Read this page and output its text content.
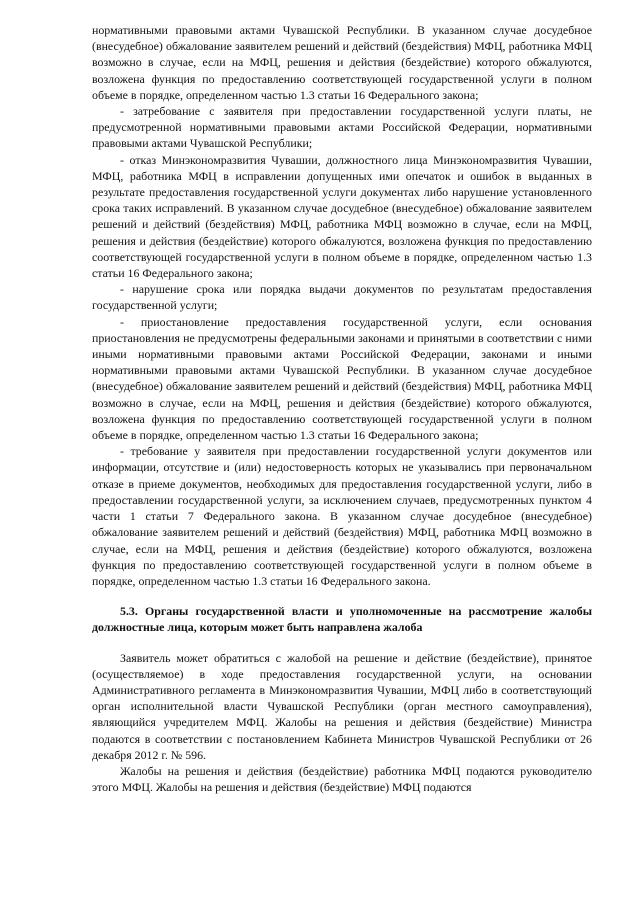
нормативными правовыми актами Чувашской Республики. В указанном случае досудебное (внесудебное) обжалование заявителем решений и действий (бездействия) МФЦ, работника МФЦ возможно в случае, если на МФЦ, решения и действия (бездействие) которого обжалуются, возложена функция по предоставлению соответствующей государственной услуги в полном объеме в порядке, определенном частью 1.3 статьи 16 Федерального закона;

- затребование с заявителя при предоставлении государственной услуги платы, не предусмотренной нормативными правовыми актами Российской Федерации, нормативными правовыми актами Чувашской Республики;

- отказ Минэкономразвития Чувашии, должностного лица Минэкономразвития Чувашии, МФЦ, работника МФЦ в исправлении допущенных ими опечаток и ошибок в выданных в результате предоставления государственной услуги документах либо нарушение установленного срока таких исправлений. В указанном случае досудебное (внесудебное) обжалование заявителем решений и действий (бездействия) МФЦ, работника МФЦ возможно в случае, если на МФЦ, решения и действия (бездействие) которого обжалуются, возложена функция по предоставлению соответствующей государственной услуги в полном объеме в порядке, определенном частью 1.3 статьи 16 Федерального закона;

- нарушение срока или порядка выдачи документов по результатам предоставления государственной услуги;

- приостановление предоставления государственной услуги, если основания приостановления не предусмотрены федеральными законами и принятыми в соответствии с ними иными нормативными правовыми актами Российской Федерации, законами и иными нормативными правовыми актами Чувашской Республики. В указанном случае досудебное (внесудебное) обжалование заявителем решений и действий (бездействия) МФЦ, работника МФЦ возможно в случае, если на МФЦ, решения и действия (бездействие) которого обжалуются, возложена функция по предоставлению соответствующей государственной услуги в полном объеме в порядке, определенном частью 1.3 статьи 16 Федерального закона;

- требование у заявителя при предоставлении государственной услуги документов или информации, отсутствие и (или) недостоверность которых не указывались при первоначальном отказе в приеме документов, необходимых для предоставления государственной услуги, либо в предоставлении государственной услуги, за исключением случаев, предусмотренных пунктом 4 части 1 статьи 7 Федерального закона. В указанном случае досудебное (внесудебное) обжалование заявителем решений и действий (бездействия) МФЦ, работника МФЦ возможно в случае, если на МФЦ, решения и действия (бездействие) которого обжалуются, возложена функция по предоставлению соответствующей государственной услуги в полном объеме в порядке, определенном частью 1.3 статьи 16 Федерального закона.

5.3. Органы государственной власти и уполномоченные на рассмотрение жалобы должностные лица, которым может быть направлена жалоба

Заявитель может обратиться с жалобой на решение и действие (бездействие), принятое (осуществляемое) в ходе предоставления государственной услуги, на основании Административного регламента в Минэкономразвития Чувашии, МФЦ либо в соответствующий орган исполнительной власти Чувашской Республики (орган местного самоуправления), являющийся учредителем МФЦ. Жалобы на решения и действия (бездействие) Министра подаются в соответствии с постановлением Кабинета Министров Чувашской Республики от 26 декабря 2012 г. № 596.

Жалобы на решения и действия (бездействие) работника МФЦ подаются руководителю этого МФЦ. Жалобы на решения и действия (бездействие) МФЦ подаются
